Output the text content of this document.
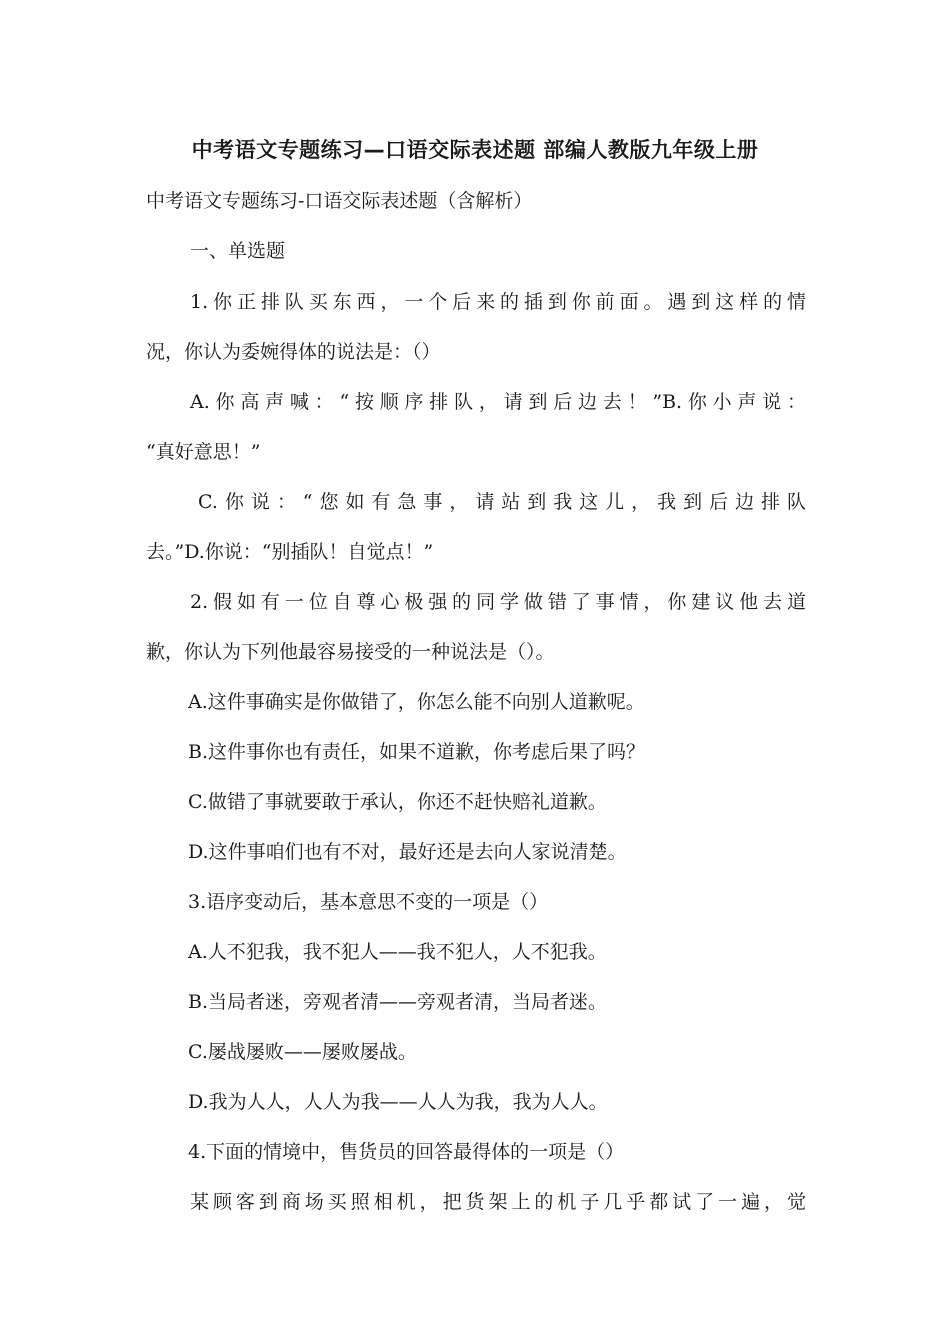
中考语文专题练习—口语交际表述题 部编人教版九年级上册
中考语文专题练习-口语交际表述题（含解析）
一、单选题
1.你正排队买东西，一个后来的插到你前面。遇到这样的情
况，你认为委婉得体的说法是：（）
A.你高声喊：“按顺序排队，请到后边去！”B.你小声说：
“真好意思！”
C.你说：“您如有急事，请站到我这儿，我到后边排队
去。”D.你说：“别插队！自觉点！”
2.假如有一位自尊心极强的同学做错了事情，你建议他去道
歉，你认为下列他最容易接受的一种说法是（）。
A.这件事确实是你做错了，你怎么能不向别人道歉呢。
B.这件事你也有责任，如果不道歉，你考虑后果了吗？
C.做错了事就要敢于承认，你还不赶快赔礼道歉。
D.这件事咱们也有不对，最好还是去向人家说清楚。
3.语序变动后，基本意思不变的一项是（）
A.人不犯我，我不犯人——我不犯人，人不犯我。
B.当局者迷，旁观者清——旁观者清，当局者迷。
C.屡战屡败——屡败屡战。
D.我为人人，人人为我——人人为我，我为人人。
4.下面的情境中，售货员的回答最得体的一项是（）
某顾客到商场买照相机，把货架上的机子几乎都试了一遍，觉
